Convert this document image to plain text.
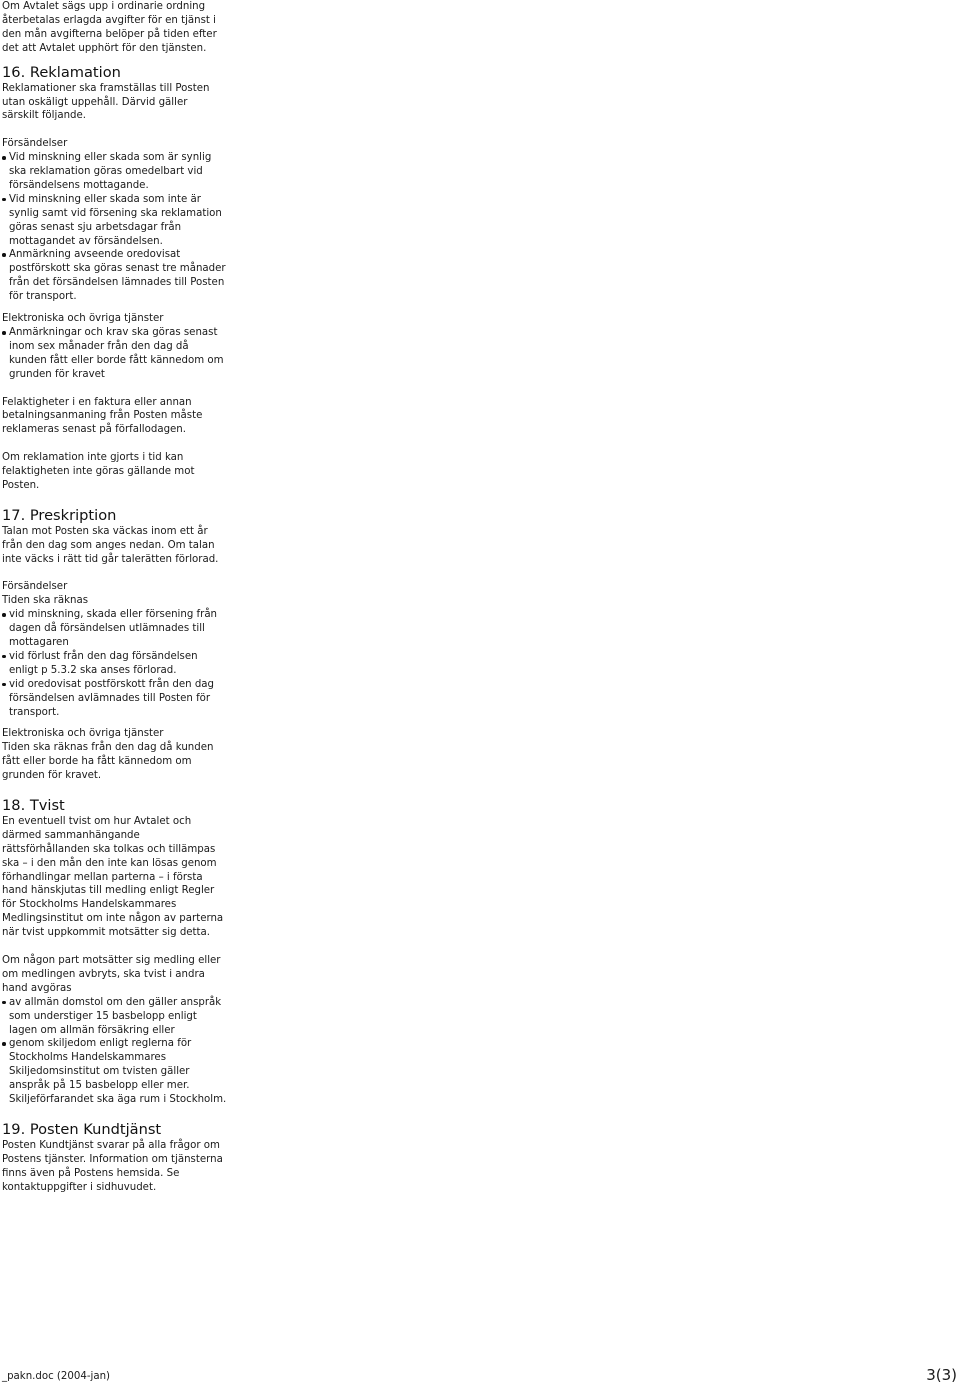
Om Avtalet sägs upp i ordinarie ordning återbetalas erlagda avgifter för en tjänst i den mån avgifterna belöper på tiden efter det att Avtalet upphört för den tjänsten.

16. Reklamation

Reklamationer ska framställas till Posten utan oskäligt uppehåll. Därvid gäller särskilt följande.

Försändelser

Vid minskning eller skada som är synlig ska reklamation göras omedelbart vid försändelsens mottagande.

Vid minskning eller skada som inte är synlig samt vid försening ska reklamation göras senast sju arbetsdagar från mottagandet av försändelsen.

Anmärkning avseende oredovisat postförskott ska göras senast tre månader från det försändelsen lämnades till Posten för transport.

Elektroniska och övriga tjänster

Anmärkningar och krav ska göras senast inom sex månader från den dag då kunden fått eller borde fått kännedom om grunden för kravet

Felaktigheter i en faktura eller annan betalningsanmaning från Posten måste reklameras senast på förfallodagen.

Om reklamation inte gjorts i tid kan felaktigheten inte göras gällande mot Posten.

17. Preskription

Talan mot Posten ska väckas inom ett år från den dag som anges nedan. Om talan inte väcks i rätt tid går talerätten förlorad.

Försändelser

Tiden ska räknas

vid minskning, skada eller försening från dagen då försändelsen utlämnades till mottagaren

vid förlust från den dag försändelsen enligt p 5.3.2 ska anses förlorad.

vid oredovisat postförskott från den dag försändelsen avlämnades till Posten för transport.

Elektroniska och övriga tjänster

Tiden ska räknas från den dag då kunden fått eller borde ha fått kännedom om grunden för kravet.

18. Tvist

En eventuell tvist om hur Avtalet och därmed sammanhängande rättsförhållanden ska tolkas och tillämpas ska – i den mån den inte kan lösas genom förhandlingar mellan parterna – i första hand hänskjutas till medling enligt Regler för Stockholms Handelskammares Medlingsinstitut om inte någon av parterna när tvist uppkommit motsätter sig detta.

Om någon part motsätter sig medling eller om medlingen avbryts, ska tvist i andra hand avgöras

av allmän domstol om den gäller anspråk som understiger 15 basbelopp enligt lagen om allmän försäkring eller

genom skiljedom enligt reglerna för Stockholms Handelskammares Skiljedomsinstitut om tvisten gäller anspråk på 15 basbelopp eller mer. Skiljeförfarandet ska äga rum i Stockholm.

19. Posten Kundtjänst

Posten Kundtjänst svarar på alla frågor om Postens tjänster. Information om tjänsterna finns även på Postens hemsida. Se kontaktuppgifter i sidhuvudet.

_pakn.doc (2004-jan)	3(3)
